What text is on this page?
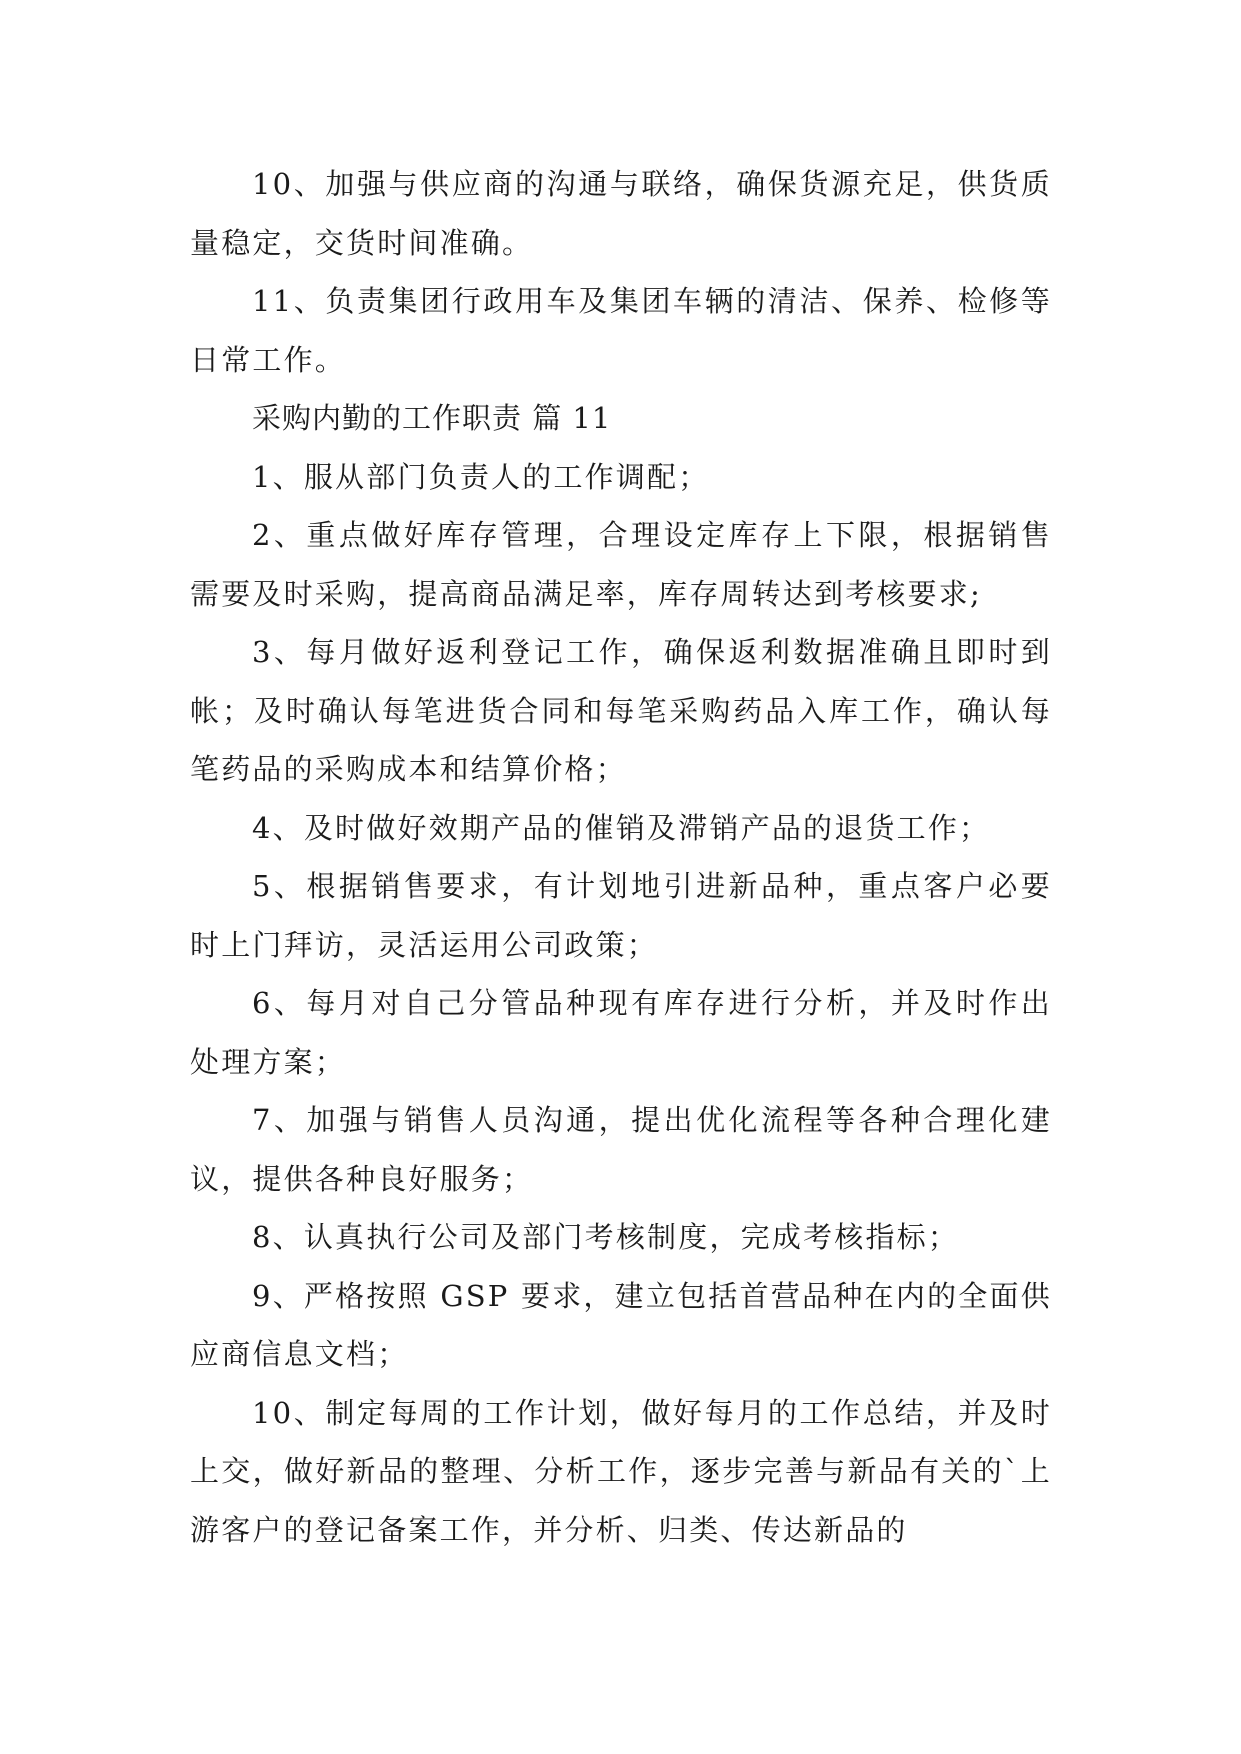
10、加强与供应商的沟通与联络，确保货源充足，供货质量稳定，交货时间准确。

11、负责集团行政用车及集团车辆的清洁、保养、检修等日常工作。

采购内勤的工作职责 篇 11

1、服从部门负责人的工作调配；

2、重点做好库存管理，合理设定库存上下限，根据销售需要及时采购，提高商品满足率，库存周转达到考核要求;

3、每月做好返利登记工作，确保返利数据准确且即时到帐；及时确认每笔进货合同和每笔采购药品入库工作，确认每笔药品的采购成本和结算价格；

4、及时做好效期产品的催销及滞销产品的退货工作；

5、根据销售要求，有计划地引进新品种，重点客户必要时上门拜访，灵活运用公司政策；

6、每月对自己分管品种现有库存进行分析，并及时作出处理方案；

7、加强与销售人员沟通，提出优化流程等各种合理化建议，提供各种良好服务；

8、认真执行公司及部门考核制度，完成考核指标；

9、严格按照 GSP 要求，建立包括首营品种在内的全面供应商信息文档；

10、制定每周的工作计划，做好每月的工作总结，并及时上交，做好新品的整理、分析工作，逐步完善与新品有关的`上游客户的登记备案工作，并分析、归类、传达新品的
